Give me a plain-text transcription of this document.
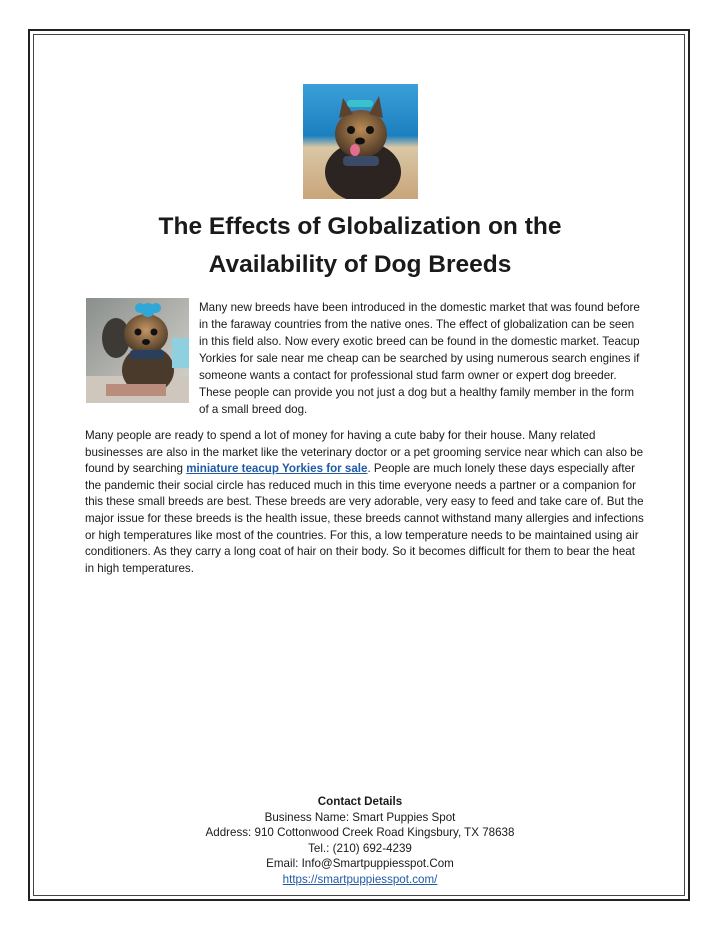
The Effects of Globalization on the
Availability of Dog Breeds
Many new breeds have been introduced in the domestic market that was found before in the faraway countries from the native ones. The effect of globalization can be seen in this field also. Now every exotic breed can be found in the domestic market. Teacup Yorkies for sale near me cheap can be searched by using numerous search engines if someone wants a contact for professional stud farm owner or expert dog breeder. These people can provide you not just a dog but a healthy family member in the form of a small breed dog.
Many people are ready to spend a lot of money for having a cute baby for their house. Many related businesses are also in the market like the veterinary doctor or a pet grooming service near which can also be found by searching miniature teacup Yorkies for sale. People are much lonely these days especially after the pandemic their social circle has reduced much in this time everyone needs a partner or a companion for this these small breeds are best. These breeds are very adorable, very easy to feed and take care of. But the major issue for these breeds is the health issue, these breeds cannot withstand many allergies and infections or high temperatures like most of the countries. For this, a low temperature needs to be maintained using air conditioners. As they carry a long coat of hair on their body. So it becomes difficult for them to bear the heat in high temperatures.
Contact Details
Business Name: Smart Puppies Spot
Address: 910 Cottonwood Creek Road Kingsbury, TX 78638
Tel.: (210) 692-4239
Email: Info@Smartpuppiesspot.Com
https://smartpuppiesspot.com/
